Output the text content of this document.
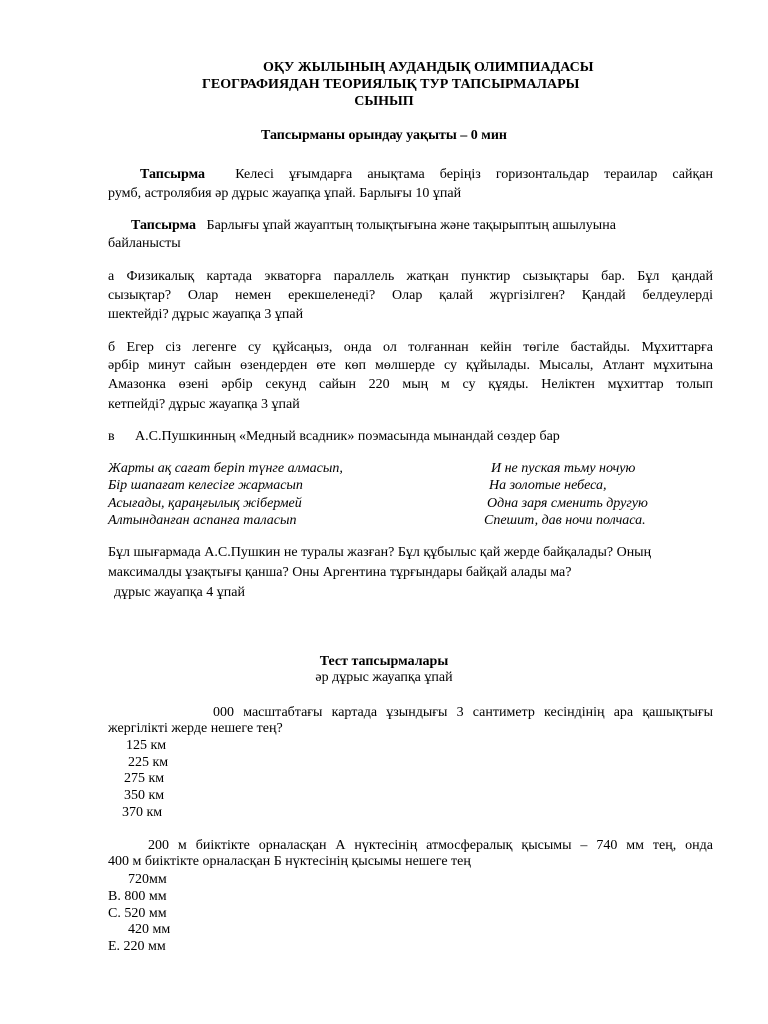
ОҚУ ЖЫЛЫНЫҢ АУДАНДЫҚ ОЛИМПИАДАСЫ
ГЕОГРАФИЯДАН ТЕОРИЯЛЫҚ ТУР ТАПСЫРМАЛАРЫ
СЫНЫП
Тапсырманы орындау уақыты – 0 мин
Тапсырма Келесі ұғымдарға анықтама беріңіз горизонтальдар тераилар сайқан
румб, астролябия әр дұрыс жауапқа ұпай. Барлығы 10 ұпай
Тапсырма Барлығы ұпай жауаптың толықтығына және тақырыптың ашылуына
байланысты
а Физикалық картада экваторға параллель жатқан пунктир сызықтары бар. Бұл қандай
сызықтар? Олар немен ерекшеленеді? Олар қалай жүргізілген? Қандай белдеулерді
шектейді? дұрыс жауапқа 3 ұпай
б Егер сіз легенге су құйсаңыз, онда ол толғаннан кейін төгіле бастайды. Мұхиттарға
әрбір минут сайын өзендерден өте көп мөлшерде су құйылады. Мысалы, Атлант мұхитына
Амазонка өзені әрбір секунд сайын 220 мың м су құяды. Неліктен мұхиттар толып
кетпейді? дұрыс жауапқа 3 ұпай
в А.С.Пушкинның «Медный всадник» поэмасында мынандай сөздер бар
Жарты ақ сағат беріп түнге алмасып,
Бір шапағат келесіге жармасып
Асығады, қараңғылық жібермей
Алтынданған аспанға таласып
И не пуская тьму ночую
На золотые небеса,
Одна заря сменить другую
Спешит, дав ночи полчаса.
Бұл шығармада А.С.Пушкин не туралы жазған? Бұл құбылыс қай жерде байқалады? Оның
максималды ұзақтығы қанша? Оны Аргентина тұрғындары байқай алады ма?
дұрыс жауапқа 4 ұпай
Тест тапсырмалары
әр дұрыс жауапқа ұпай
000 масштабтағы картада ұзындығы 3 сантиметр кесіндінің ара қашықтығы
жергілікті жерде нешеге тең?
125 км
225 км
275 км
350 км
370 км
200 м биіктікте орналасқан А нүктесінің атмосфералық қысымы – 740 мм тең, онда
400 м биіктікте орналасқан Б нүктесінің қысымы нешеге тең
720мм
B. 800 мм
C. 520 мм
420 мм
E. 220 мм
